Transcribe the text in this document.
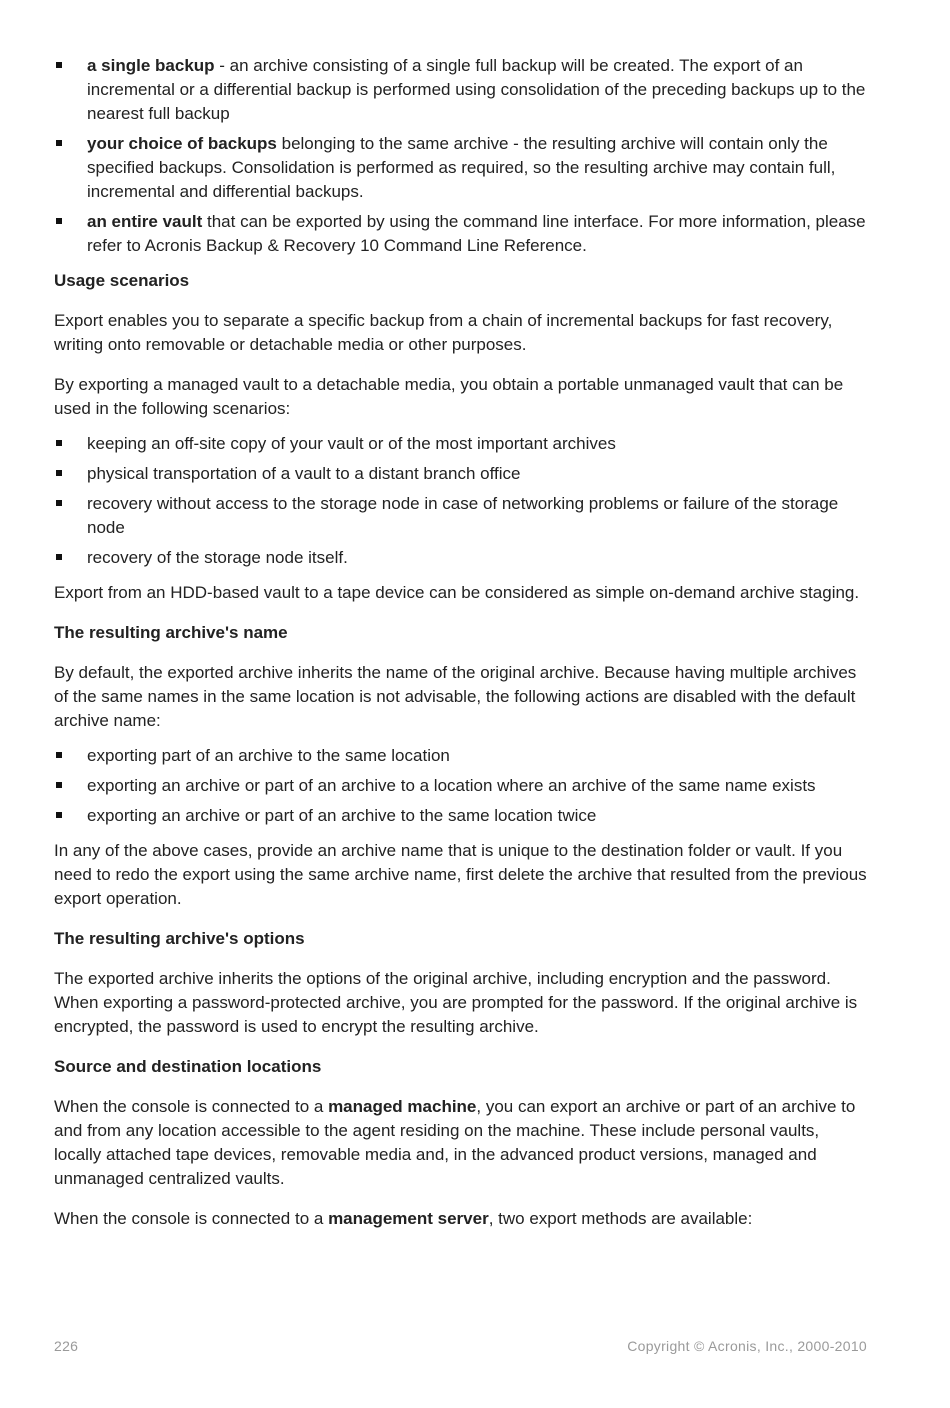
a single backup - an archive consisting of a single full backup will be created. The export of an incremental or a differential backup is performed using consolidation of the preceding backups up to the nearest full backup
your choice of backups belonging to the same archive - the resulting archive will contain only the specified backups. Consolidation is performed as required, so the resulting archive may contain full, incremental and differential backups.
an entire vault that can be exported by using the command line interface. For more information, please refer to Acronis Backup & Recovery 10 Command Line Reference.

Usage scenarios

Export enables you to separate a specific backup from a chain of incremental backups for fast recovery, writing onto removable or detachable media or other purposes.

By exporting a managed vault to a detachable media, you obtain a portable unmanaged vault that can be used in the following scenarios:

keeping an off-site copy of your vault or of the most important archives
physical transportation of a vault to a distant branch office
recovery without access to the storage node in case of networking problems or failure of the storage node
recovery of the storage node itself.

Export from an HDD-based vault to a tape device can be considered as simple on-demand archive staging.

The resulting archive's name

By default, the exported archive inherits the name of the original archive. Because having multiple archives of the same names in the same location is not advisable, the following actions are disabled with the default archive name:

exporting part of an archive to the same location
exporting an archive or part of an archive to a location where an archive of the same name exists
exporting an archive or part of an archive to the same location twice

In any of the above cases, provide an archive name that is unique to the destination folder or vault. If you need to redo the export using the same archive name, first delete the archive that resulted from the previous export operation.

The resulting archive's options

The exported archive inherits the options of the original archive, including encryption and the password. When exporting a password-protected archive, you are prompted for the password. If the original archive is encrypted, the password is used to encrypt the resulting archive.

Source and destination locations

When the console is connected to a managed machine, you can export an archive or part of an archive to and from any location accessible to the agent residing on the machine. These include personal vaults, locally attached tape devices, removable media and, in the advanced product versions, managed and unmanaged centralized vaults.

When the console is connected to a management server, two export methods are available:

226	Copyright © Acronis, Inc., 2000-2010
